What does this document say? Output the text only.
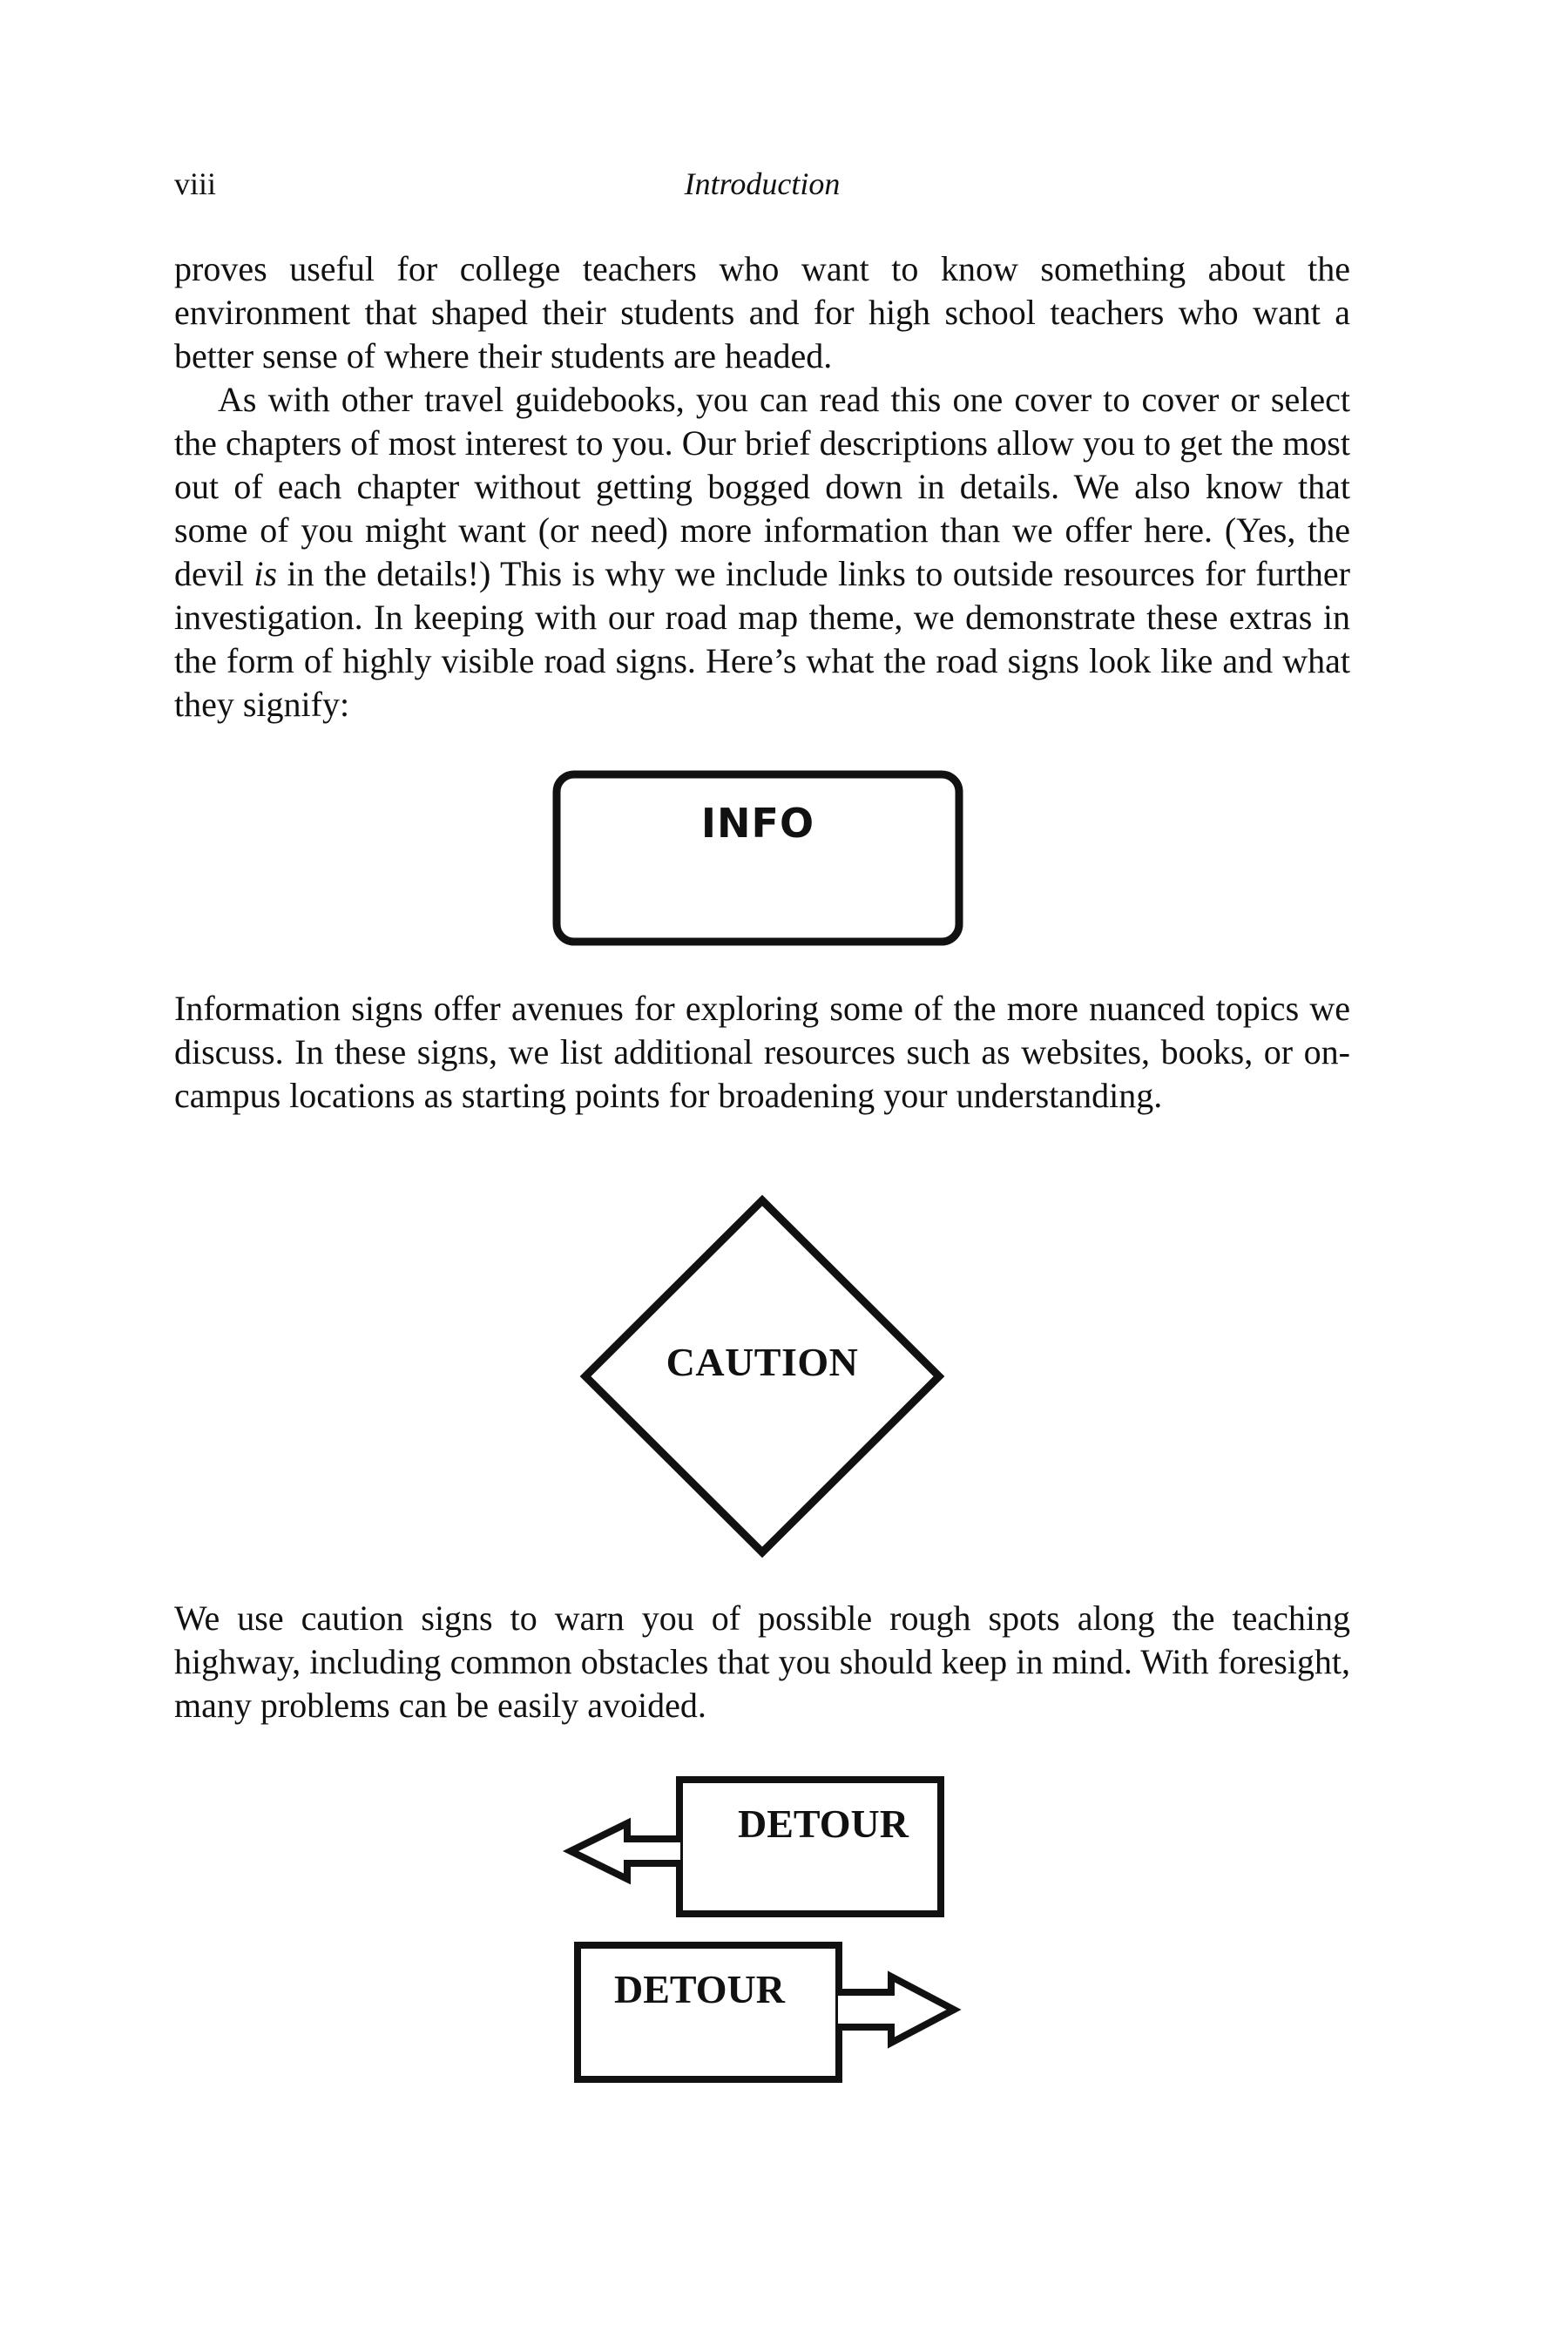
viii	Introduction

proves useful for college teachers who want to know something about the environment that shaped their students and for high school teachers who want a better sense of where their students are headed.

As with other travel guidebooks, you can read this one cover to cover or select the chapters of most interest to you. Our brief descriptions allow you to get the most out of each chapter without getting bogged down in details. We also know that some of you might want (or need) more information than we offer here. (Yes, the devil is in the details!) This is why we include links to outside resources for further investigation. In keeping with our road map theme, we demonstrate these extras in the form of highly visible road signs. Here’s what the road signs look like and what they signify:

INFO

Information signs offer avenues for exploring some of the more nuanced topics we discuss. In these signs, we list additional resources such as websites, books, or on-campus locations as starting points for broadening your understanding.

CAUTION

We use caution signs to warn you of possible rough spots along the teaching highway, including common obstacles that you should keep in mind. With foresight, many problems can be easily avoided.

DETOUR
DETOUR
